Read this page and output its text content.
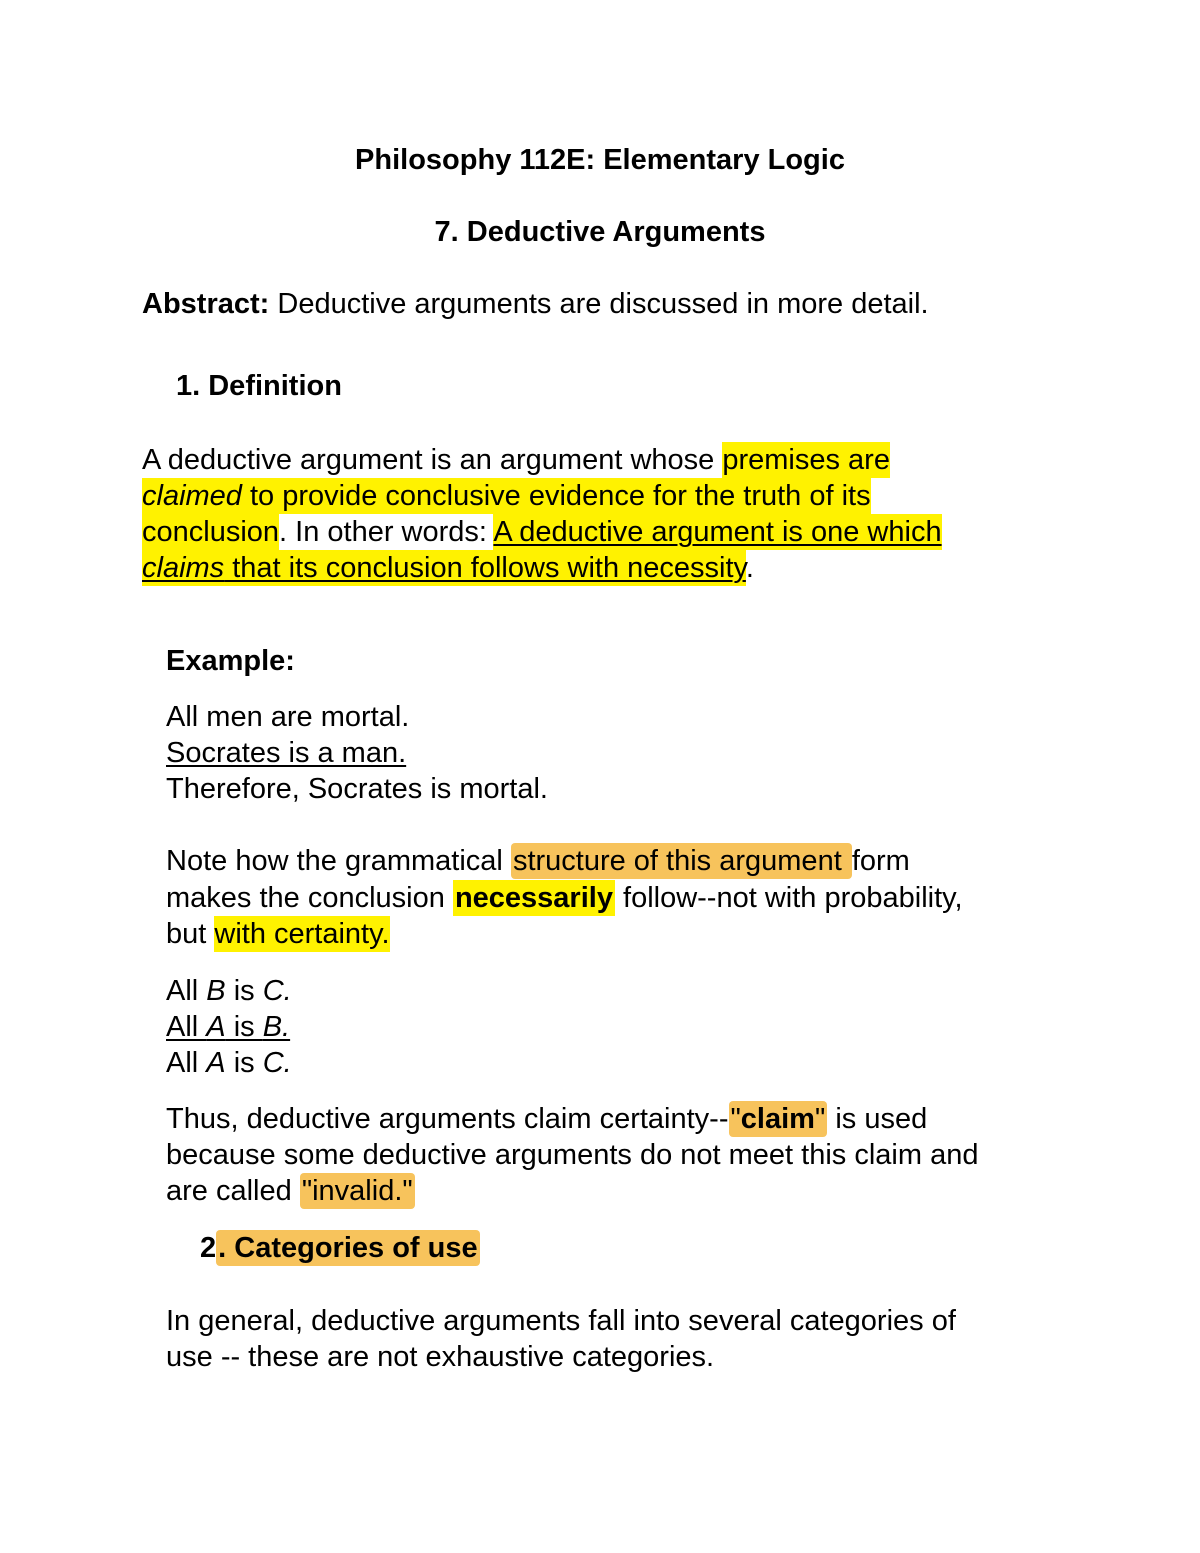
Philosophy 112E: Elementary Logic
7. Deductive Arguments
Abstract: Deductive arguments are discussed in more detail.
1. Definition
A deductive argument is an argument whose premises are
claimed to provide conclusive evidence for the truth of its
conclusion. In other words: A deductive argument is one which
claims that its conclusion follows with necessity.
Example:
All men are mortal.
Socrates is a man.
Therefore, Socrates is mortal.
Note how the grammatical structure of this argument form
makes the conclusion necessarily follow--not with probability,
but with certainty.
All B is C.
All A is B.
All A is C.
Thus, deductive arguments claim certainty--"claim" is used
because some deductive arguments do not meet this claim and
are called "invalid."
2. Categories of use
In general, deductive arguments fall into several categories of
use -- these are not exhaustive categories.
